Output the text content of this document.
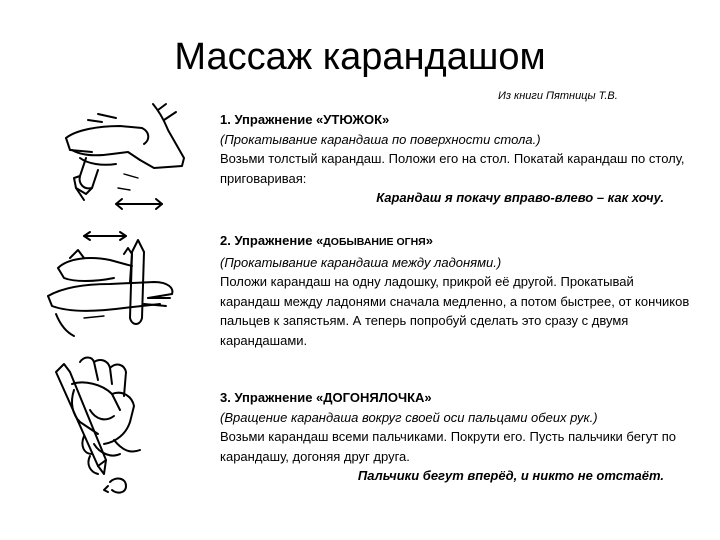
Массаж карандашом
Из книги Пятницы Т.В.
1. Упражнение «УТЮЖОК»
(Прокатывание карандаша по поверхности стола.)
Возьми толстый карандаш. Положи его на стол. Покатай карандаш по столу, приговаривая:
Карандаш я покачу вправо-влево – как хочу.
2. Упражнение «ДОБЫВАНИЕ ОГНЯ»
(Прокатывание карандаша между ладонями.)
Положи карандаш на одну ладошку, прикрой её другой. Прокатывай карандаш между ладонями сначала медленно, а потом быстрее, от кончиков пальцев к запястьям. А теперь попробуй сделать это сразу с двумя карандашами.
3. Упражнение «ДОГОНЯЛОЧКА»
(Вращение карандаша вокруг своей оси пальцами обеих рук.)
Возьми карандаш всеми пальчиками. Покрути его. Пусть пальчики бегут по карандашу, догоняя друг друга.
Пальчики бегут вперёд, и никто не отстаёт.
